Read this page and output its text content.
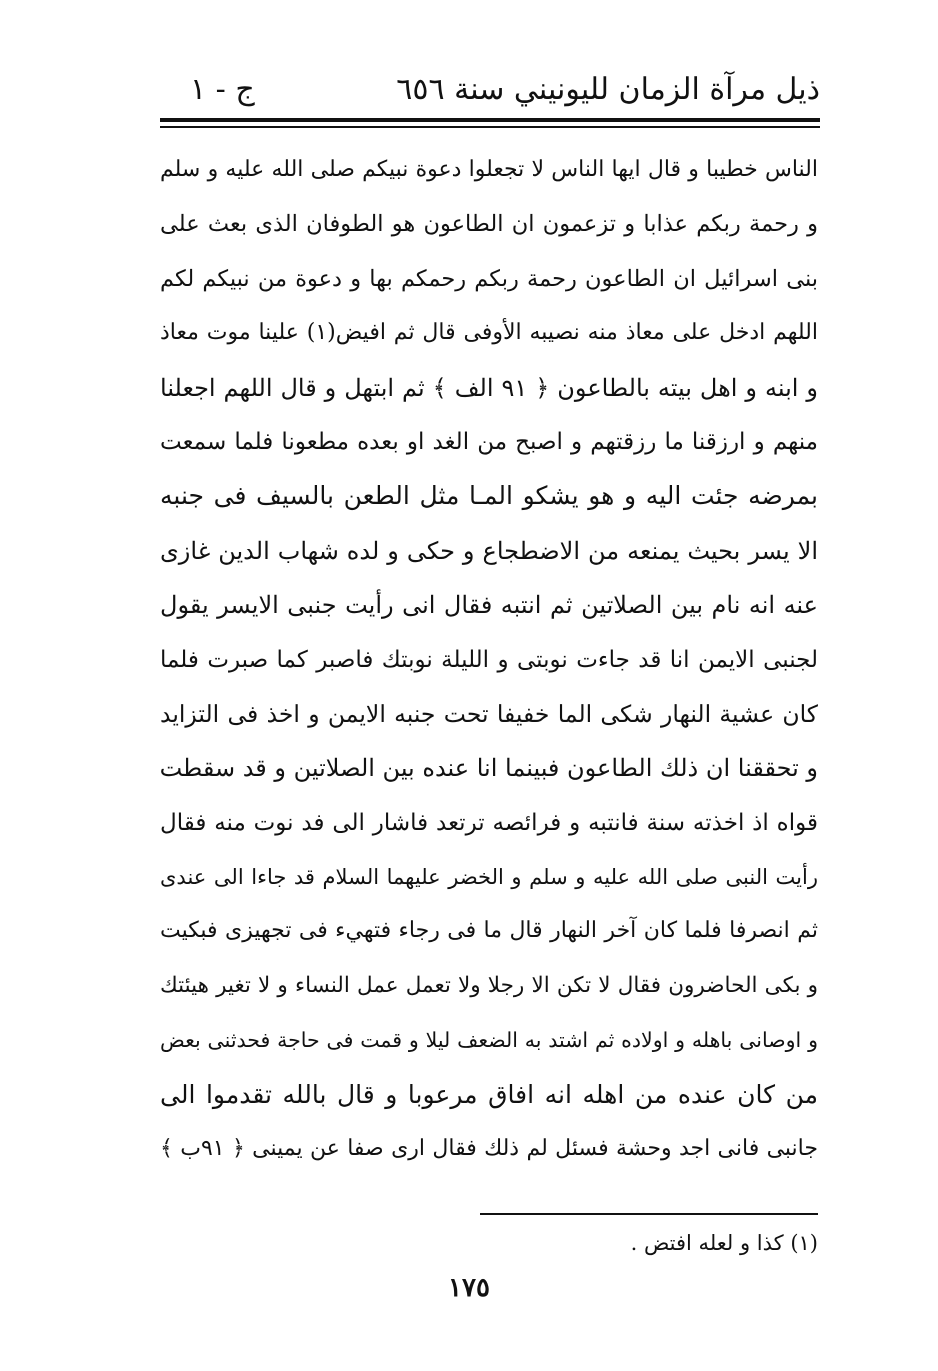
ذيل مرآة الزمان لليونيني سنة ٦٥٦
ج - ١
الناس خطيبا و قال ايها الناس لا تجعلوا دعوة نبيكم صلى الله عليه و سلم
و رحمة ربكم عذابا و تزعمون ان الطاعون هو الطوفان الذى بعث على
بنى اسرائيل ان الطاعون رحمة ربكم رحمكم بها و دعوة من نبيكم لكم
اللهم ادخل على معاذ منه نصيبه الأوفى قال ثم افيض(١) علينا موت معاذ
و ابنه و اهل بيته بالطاعون ﴿ ٩١ الف ﴾ ثم ابتهل و قال اللهم اجعلنا
منهم و ارزقنا ما رزقتهم و اصبح من الغد او بعده مطعونا فلما سمعت
بمرضه جئت اليه و هو يشكو المـا مثل الطعن بالسيف فى جنبه
الا يسر بحيث يمنعه من الاضطجاع و حكى و لده شهاب الدين غازى
عنه انه نام بين الصلاتين ثم انتبه فقال انى رأيت جنبى الايسر يقول
لجنبى الايمن انا قد جاءت نوبتى و الليلة نوبتك فاصبر كما صبرت فلما
كان عشية النهار شكى الما خفيفا تحت جنبه الايمن و اخذ فى التزايد
و تحققنا ان ذلك الطاعون فبينما انا عنده بين الصلاتين و قد سقطت
قواه اذ اخذته سنة فانتبه و فرائصه ترتعد فاشار الى فد نوت منه فقال
رأيت النبى صلى الله عليه و سلم و الخضر عليهما السلام قد جاءا الى عندى
ثم انصرفا فلما كان آخر النهار قال ما فى رجاء فتهيء فى تجهيزى فبكيت
و بكى الحاضرون فقال لا تكن الا رجلا ولا تعمل عمل النساء و لا تغير هيئتك
و اوصانى باهله و اولاده ثم اشتد به الضعف ليلا و قمت فى حاجة فحدثنى بعض
من كان عنده من اهله انه افاق مرعوبا و قال بالله تقدموا الى
جانبى فانى اجد وحشة فسئل لم ذلك فقال ارى صفا عن يمينى ﴿ ٩١ب ﴾
(١) كذا و لعله افتض .
١٧٥
